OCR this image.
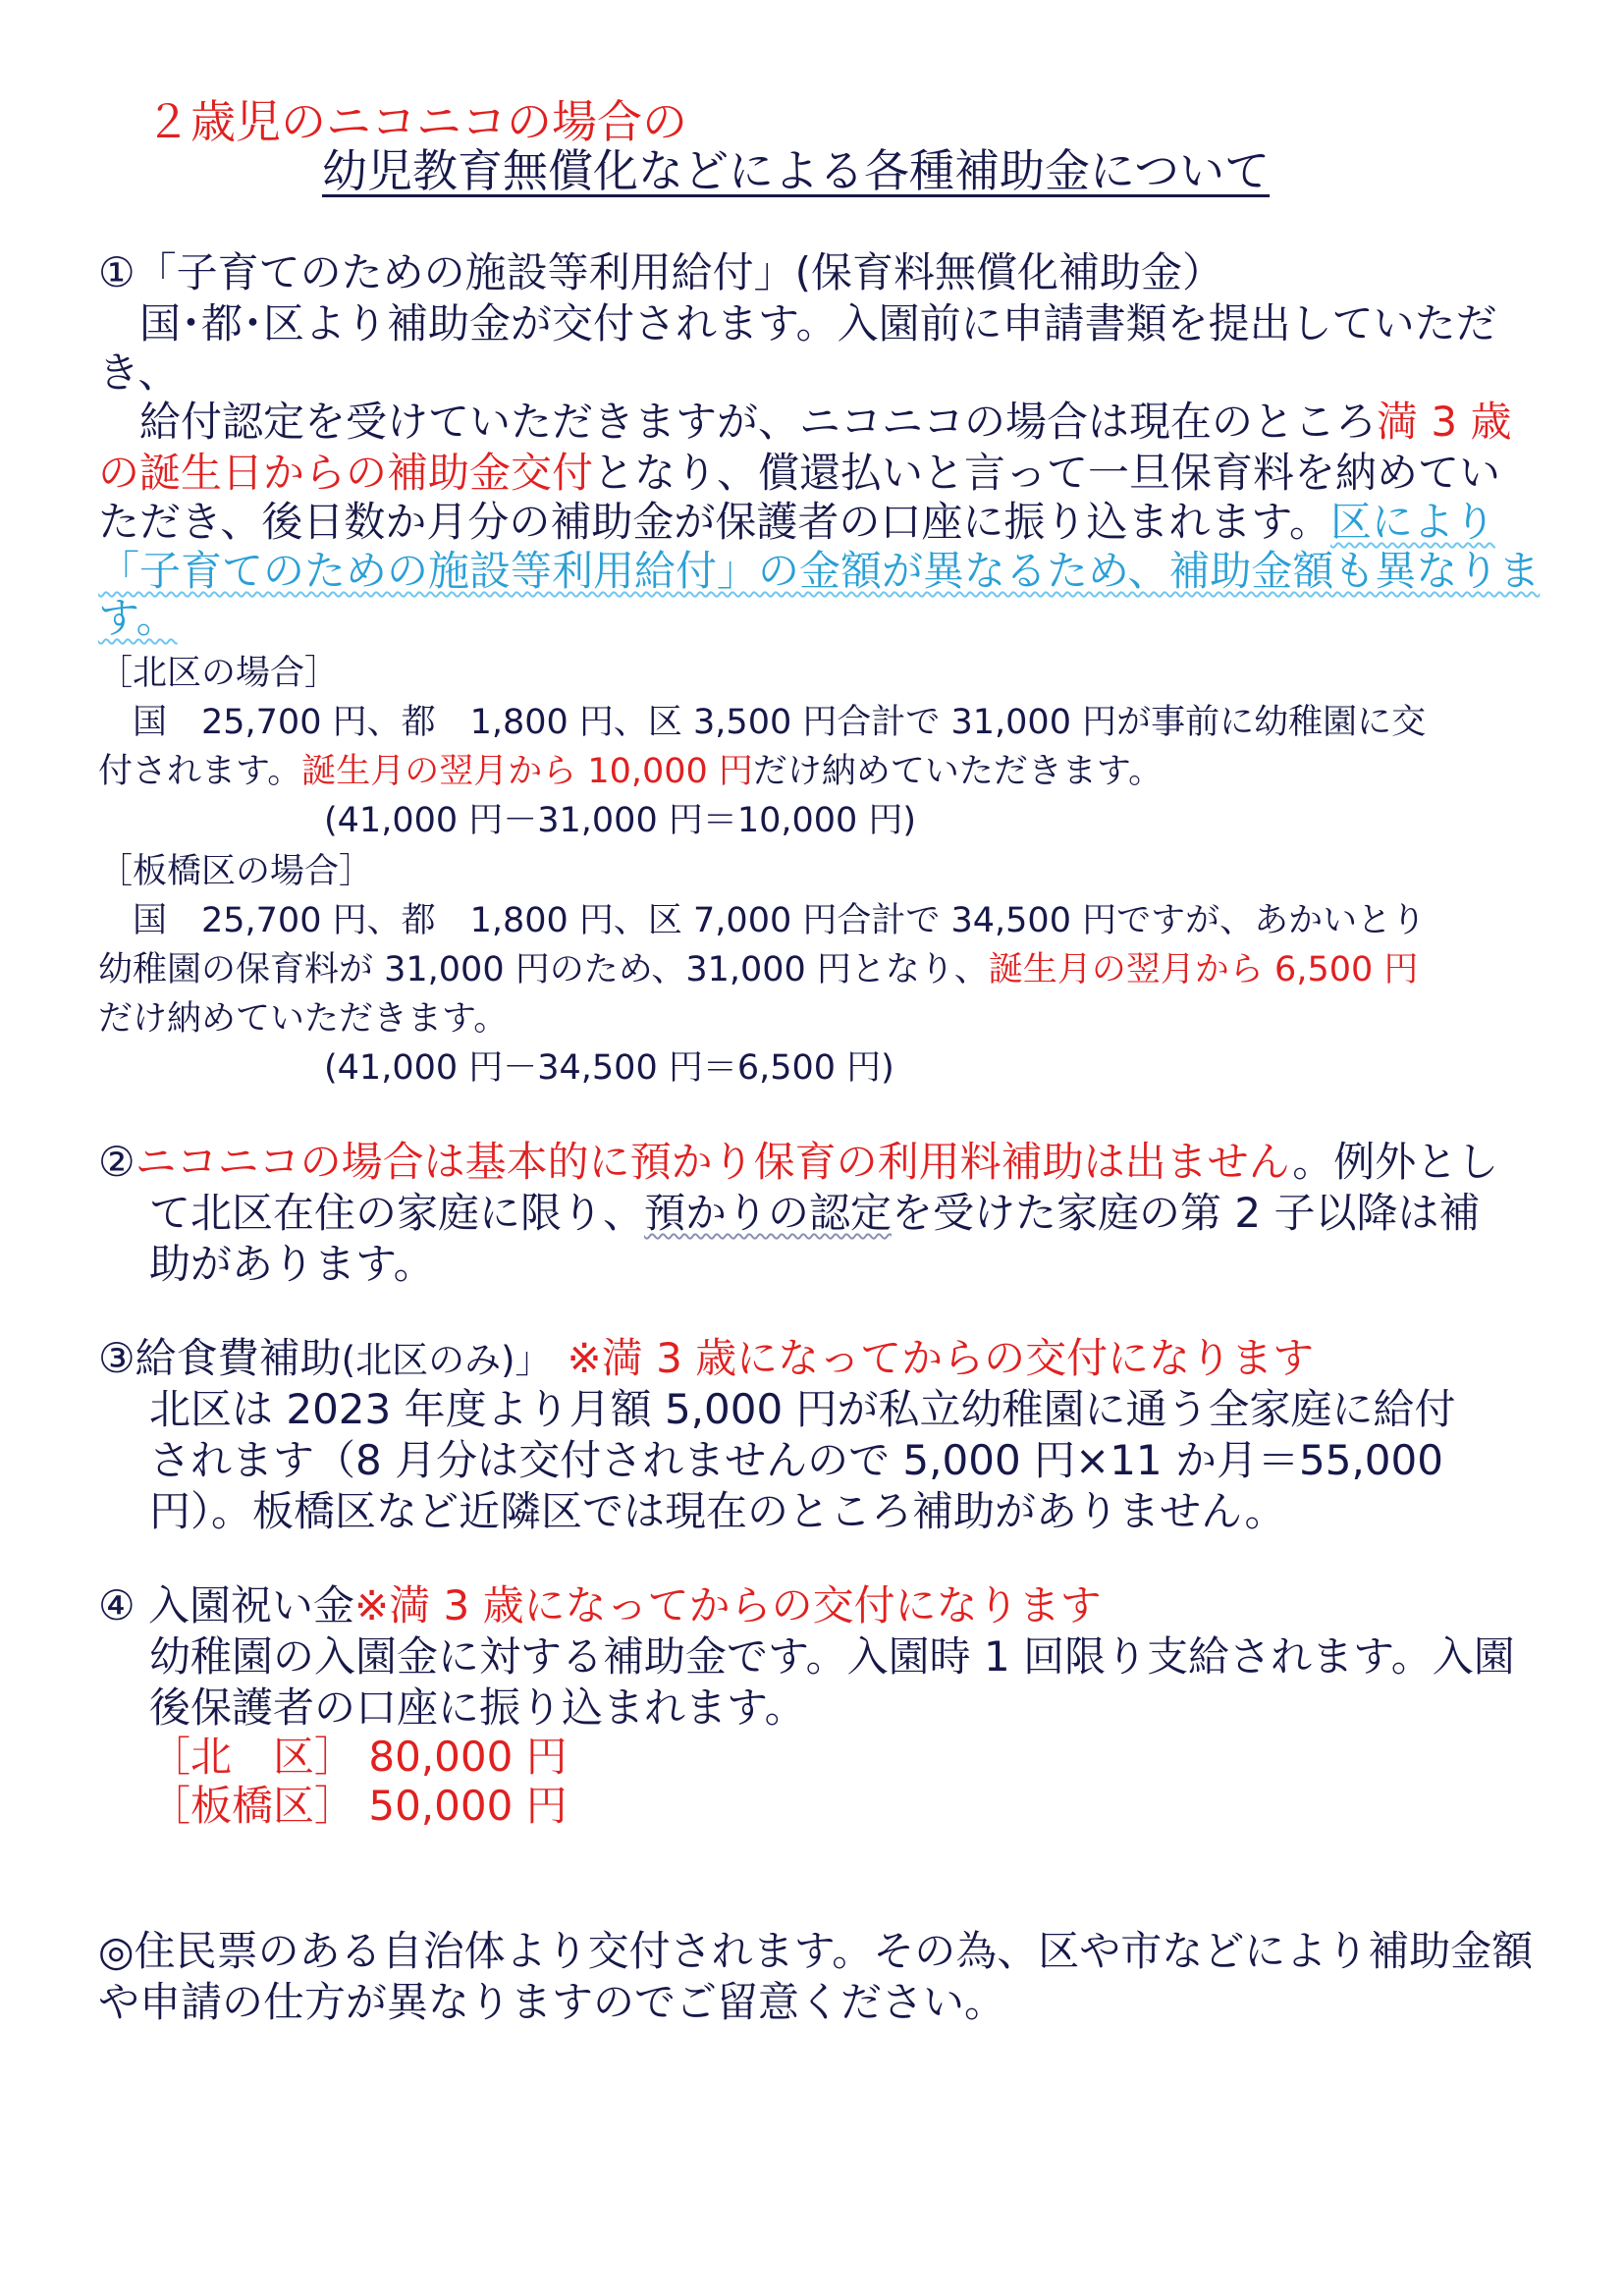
２歳児のニコニコの場合の
幼児教育無償化などによる各種補助金について
①「子育てのための施設等利用給付」(保育料無償化補助金）
　国･都･区より補助金が交付されます。入園前に申請書類を提出していただ
き、
　給付認定を受けていただきますが、ニコニコの場合は現在のところ満 3 歳
の誕生日からの補助金交付となり、償還払いと言って一旦保育料を納めてい
ただき、後日数か月分の補助金が保護者の口座に振り込まれます。区により
「子育てのための施設等利用給付」の金額が異なるため、補助金額も異なりま
す。
［北区の場合］
　国　25,700 円、都　1,800 円、区 3,500 円合計で 31,000 円が事前に幼稚園に交
付されます。誕生月の翌月から 10,000 円だけ納めていただきます。
(41,000 円－31,000 円＝10,000 円)
［板橋区の場合］
　国　25,700 円、都　1,800 円、区 7,000 円合計で 34,500 円ですが、あかいとり
幼稚園の保育料が 31,000 円のため、31,000 円となり、誕生月の翌月から 6,500 円
だけ納めていただきます。
(41,000 円－34,500 円＝6,500 円)
②ニコニコの場合は基本的に預かり保育の利用料補助は出ません。例外とし
て北区在住の家庭に限り、預かりの認定を受けた家庭の第 2 子以降は補
助があります。
③給食費補助(北区のみ)」 ※満 3 歳になってからの交付になります
北区は 2023 年度より月額 5,000 円が私立幼稚園に通う全家庭に給付
されます（8 月分は交付されませんので 5,000 円×11 か月＝55,000
円）。板橋区など近隣区では現在のところ補助がありません。
④ 入園祝い金※満 3 歳になってからの交付になります
幼稚園の入園金に対する補助金です。入園時 1 回限り支給されます。入園
後保護者の口座に振り込まれます。
［北　区］ 80,000 円
［板橋区］ 50,000 円
◎住民票のある自治体より交付されます。その為、区や市などにより補助金額
や申請の仕方が異なりますのでご留意ください。
